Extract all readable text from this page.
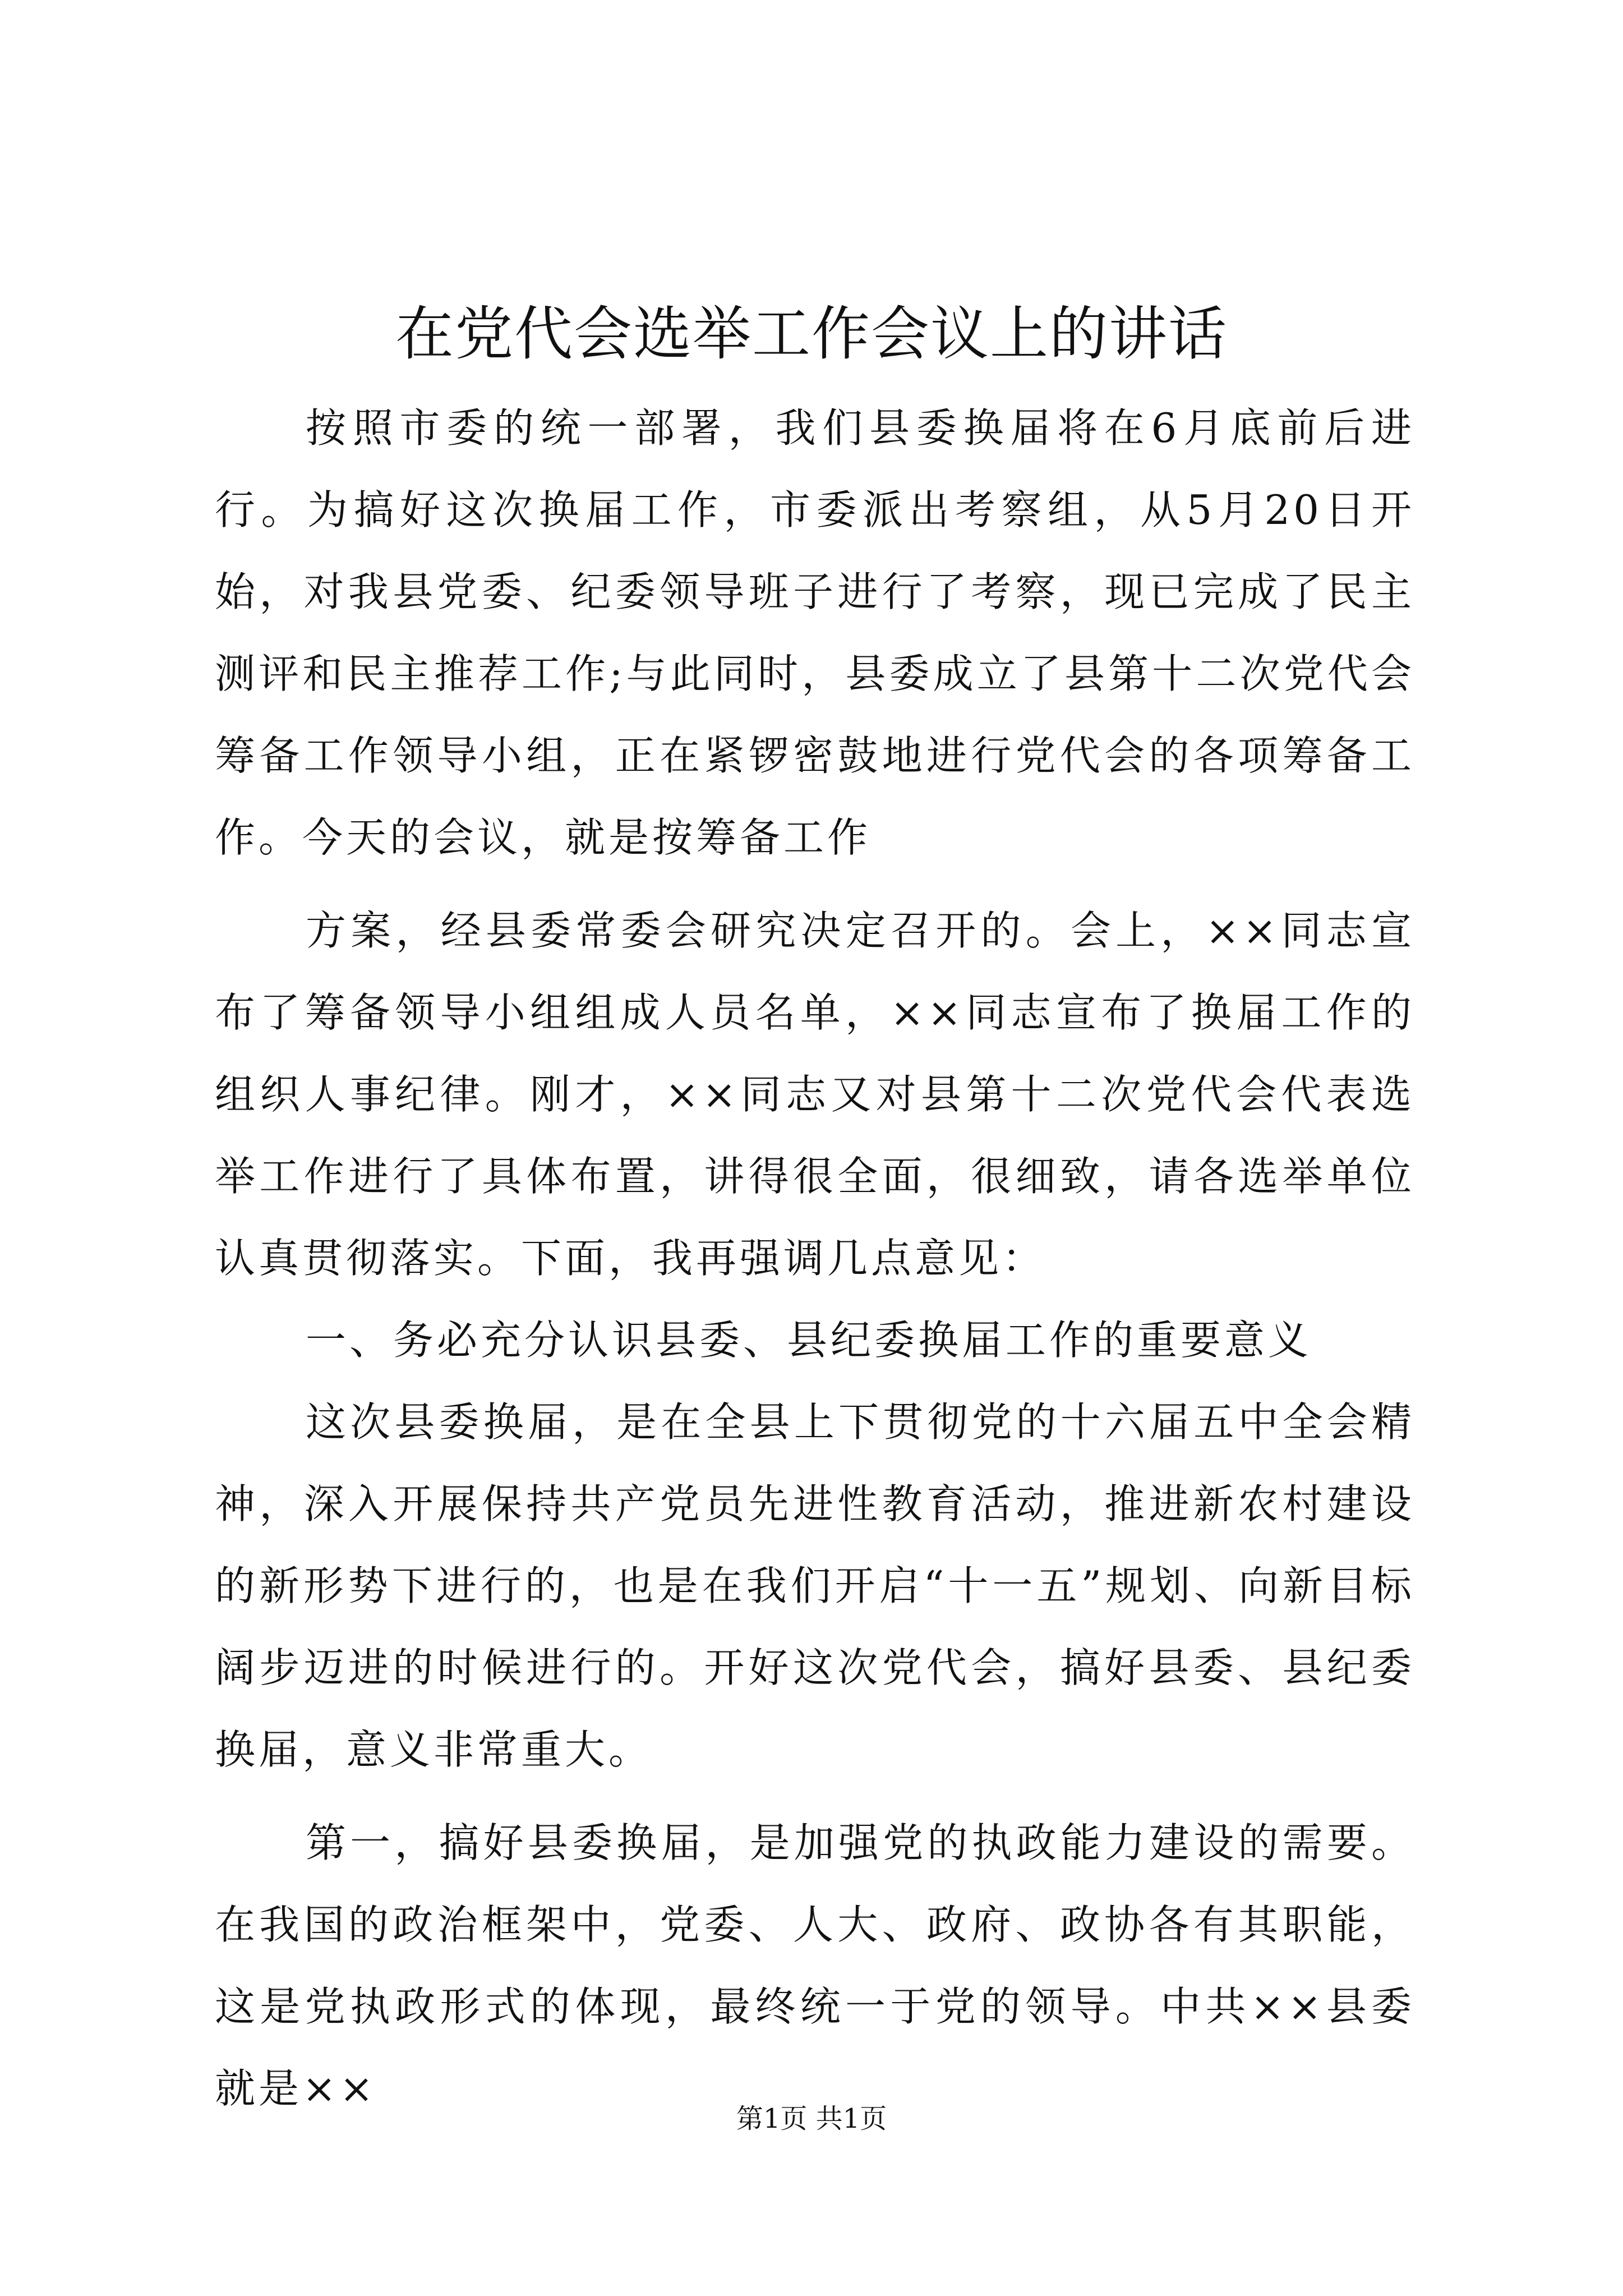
在党代会选举工作会议上的讲话

按照市委的统一部署，我们县委换届将在6月底前后进行。为搞好这次换届工作，市委派出考察组，从5月20日开始，对我县党委、纪委领导班子进行了考察，现已完成了民主测评和民主推荐工作;与此同时，县委成立了县第十二次党代会筹备工作领导小组，正在紧锣密鼓地进行党代会的各项筹备工作。今天的会议，就是按筹备工作

方案，经县委常委会研究决定召开的。会上，××同志宣布了筹备领导小组组成人员名单，××同志宣布了换届工作的组织人事纪律。刚才，××同志又对县第十二次党代会代表选举工作进行了具体布置，讲得很全面，很细致，请各选举单位认真贯彻落实。下面，我再强调几点意见：

一、务必充分认识县委、县纪委换届工作的重要意义

这次县委换届，是在全县上下贯彻党的十六届五中全会精神，深入开展保持共产党员先进性教育活动，推进新农村建设的新形势下进行的，也是在我们开启“十一五”规划、向新目标阔步迈进的时候进行的。开好这次党代会，搞好县委、县纪委换届，意义非常重大。

第一，搞好县委换届，是加强党的执政能力建设的需要。在我国的政治框架中，党委、人大、政府、政协各有其职能，这是党执政形式的体现，最终统一于党的领导。中共××县委就是××

第1页 共1页
